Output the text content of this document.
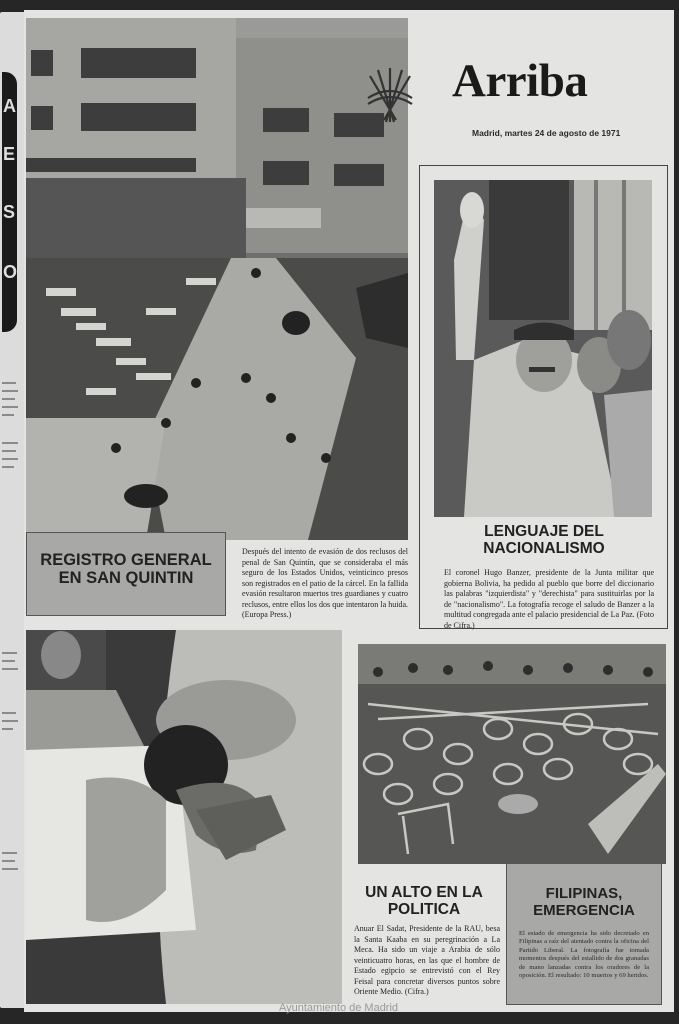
A
E
S
O
Arriba
Madrid, martes 24 de agosto de 1971
LENGUAJE DEL NACIONALISMO
El coronel Hugo Banzer, presidente de la Junta militar que gobierna Bolivia, ha pedido al pueblo que borre del diccionario las palabras "izquierdista" y "derechista" para sustituirlas por la de "nacionalismo". La fotografía recoge el saludo de Banzer a la multitud congregada ante el palacio presidencial de La Paz. (Foto de Cifra.)
REGISTRO GENERAL EN SAN QUINTIN
Después del intento de evasión de dos reclusos del penal de San Quintín, que se consideraba el más seguro de los Estados Unidos, veinticinco presos son registrados en el patio de la cárcel. En la fallida evasión resultaron muertos tres guardianes y cuatro reclusos, entre ellos los dos que intentaron la huida. (Europa Press.)
UN ALTO EN LA POLITICA
Anuar El Sadat, Presidente de la RAU, besa la Santa Kaaba en su peregrinación a La Meca. Ha sido un viaje a Arabia de sólo veinticuatro horas, en las que el hombre de Estado egipcio se entrevistó con el Rey Feisal para concretar diversos puntos sobre Oriente Medio. (Cifra.)
FILIPINAS, EMERGENCIA
El estado de emergencia ha sido decretado en Filipinas a raíz del atentado contra la oficina del Partido Liberal. La fotografía fue tomada momentos después del estallido de dos granadas de mano lanzadas contra los oradores de la oposición. El resultado: 10 muertos y 69 heridos.
Ayuntamiento de Madrid
